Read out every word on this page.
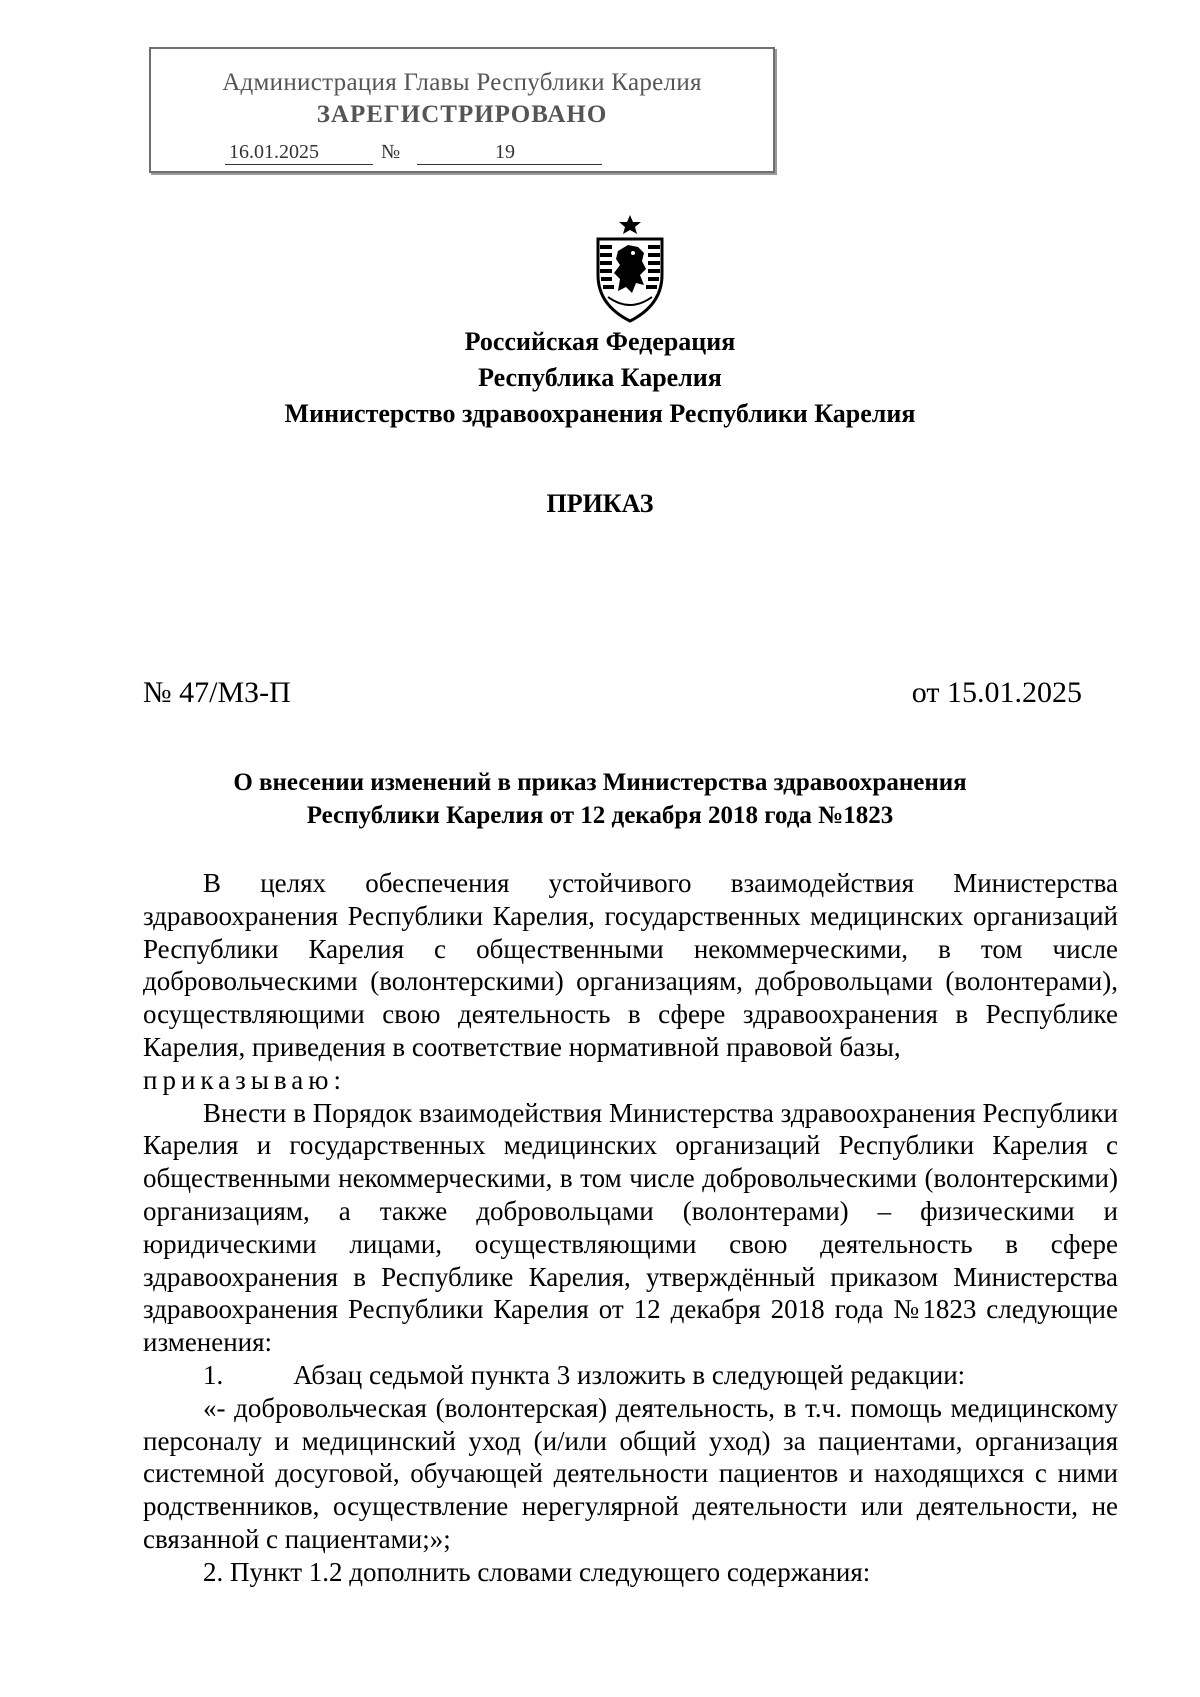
Администрация Главы Республики Карелия
ЗАРЕГИСТРИРОВАНО
16.01.2025	№	19
Российская Федерация
Республика Карелия
Министерство здравоохранения Республики Карелия
ПРИКАЗ
№ 47/МЗ-П	от 15.01.2025
О внесении изменений в приказ Министерства здравоохранения
Республики Карелия от 12 декабря 2018 года №1823

В целях обеспечения устойчивого взаимодействия Министерства здравоохранения Республики Карелия, государственных медицинских организаций Республики Карелия с общественными некоммерческими, в том числе добровольческими (волонтерскими) организациям, добровольцами (волонтерами), осуществляющими свою деятельность в сфере здравоохранения в Республике Карелия, приведения в соответствие нормативной правовой базы,

приказываю:

Внести в Порядок взаимодействия Министерства здравоохранения Республики Карелия и государственных медицинских организаций Республики Карелия с общественными некоммерческими, в том числе добровольческими (волонтерскими) организациям, а также добровольцами (волонтерами) – физическими и юридическими лицами, осуществляющими свою деятельность в сфере здравоохранения в Республике Карелия, утверждённый приказом Министерства здравоохранения Республики Карелия от 12 декабря 2018 года №1823 следующие изменения:

1.	Абзац седьмой пункта 3 изложить в следующей редакции:

«- добровольческая (волонтерская) деятельность, в т.ч. помощь медицинскому персоналу и медицинский уход (и/или общий уход) за пациентами, организация системной досуговой, обучающей деятельности пациентов и находящихся с ними родственников, осуществление нерегулярной деятельности или деятельности, не связанной с пациентами;»;

2. Пункт 1.2 дополнить словами следующего содержания:
